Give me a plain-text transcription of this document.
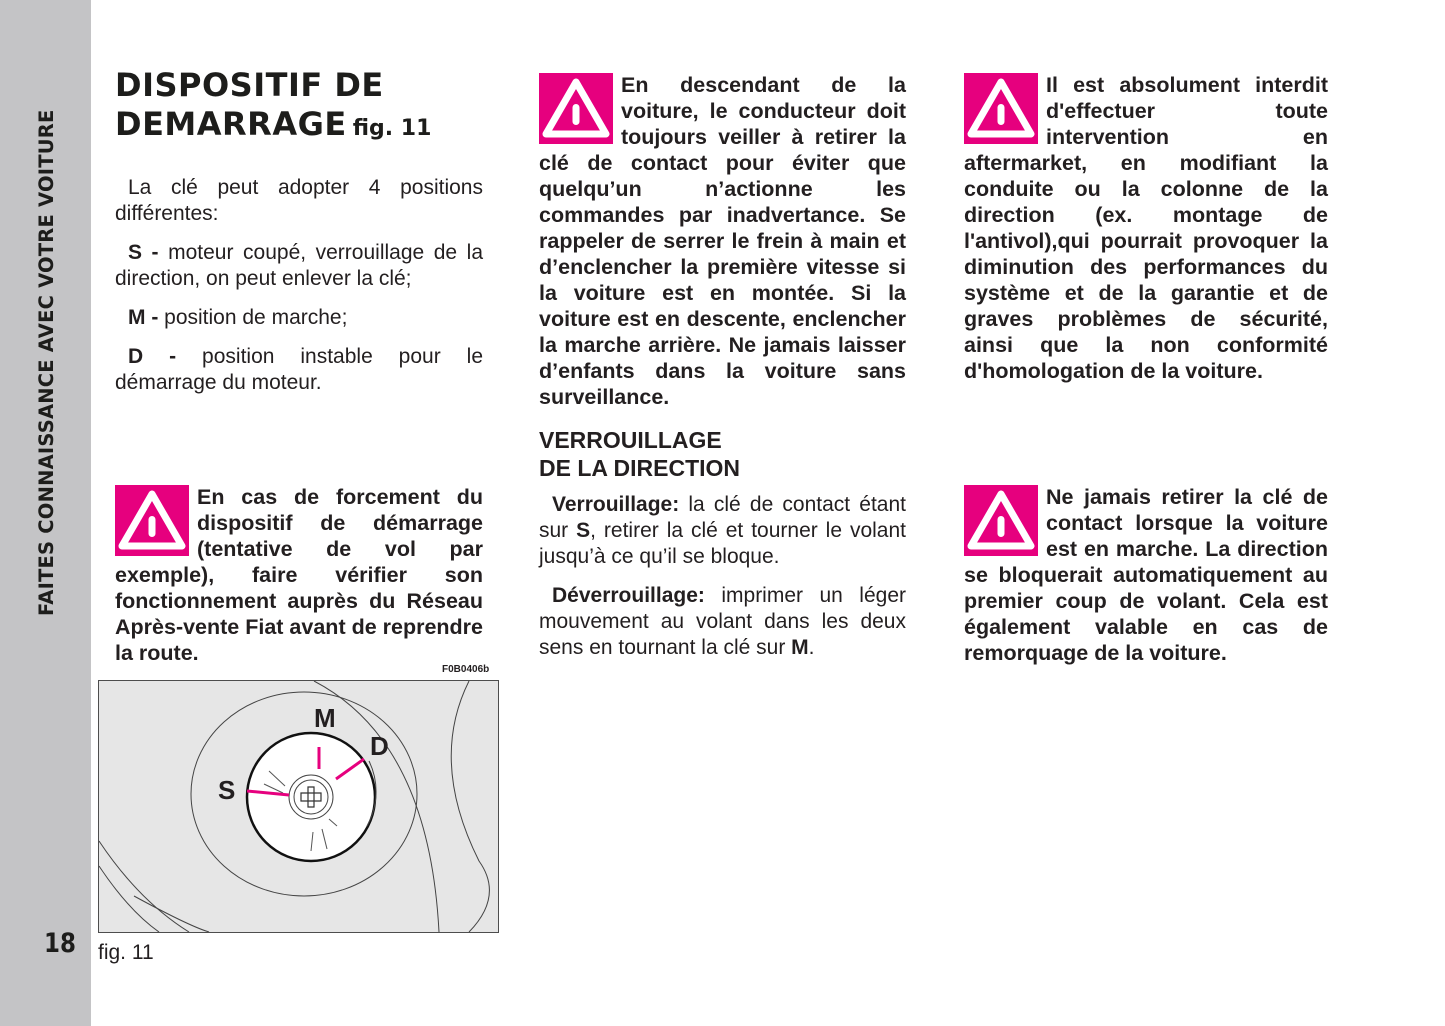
FAITES CONNAISSANCE AVEC VOTRE VOITURE
18
DISPOSITIF DE
DEMARRAGE fig. 11

La clé peut adopter 4 positions différentes:

S - moteur coupé, verrouillage de la direction, on peut enlever la clé;

M - position de marche;

D - position instable pour le démarrage du moteur.

En cas de forcement du dispositif de démarrage (tentative de vol par exemple), faire vérifier son fonctionnement auprès du Réseau Après-vente Fiat avant de reprendre la route.
F0B0406b
S
M
D
fig. 11
En descendant de la voiture, le conducteur doit toujours veiller à retirer la clé de contact pour éviter que quelqu’un n’actionne les commandes par inadvertance. Se rappeler de serrer le frein à main et d’enclencher la première vitesse si la voiture est en montée. Si la voiture est en descente, enclencher la marche arrière. Ne jamais laisser d’enfants dans la voiture sans surveillance.
VERROUILLAGE
DE LA DIRECTION

Verrouillage: la clé de contact étant sur S, retirer la clé et tourner le volant jusqu’à ce qu’il se bloque.

Déverrouillage: imprimer un léger mouvement au volant dans les deux sens en tournant la clé sur M.

Il est absolument interdit d'effectuer toute intervention en aftermarket, en modifiant la conduite ou la colonne de la direction (ex. montage de l'antivol),qui pourrait provoquer la diminution des performances du système et de la garantie et de graves problèmes de sécurité, ainsi que la non conformité d'homologation de la voiture.
Ne jamais retirer la clé de contact lorsque la voiture est en marche. La direction se bloquerait automatiquement au premier coup de volant. Cela est également valable en cas de remorquage de la voiture.
